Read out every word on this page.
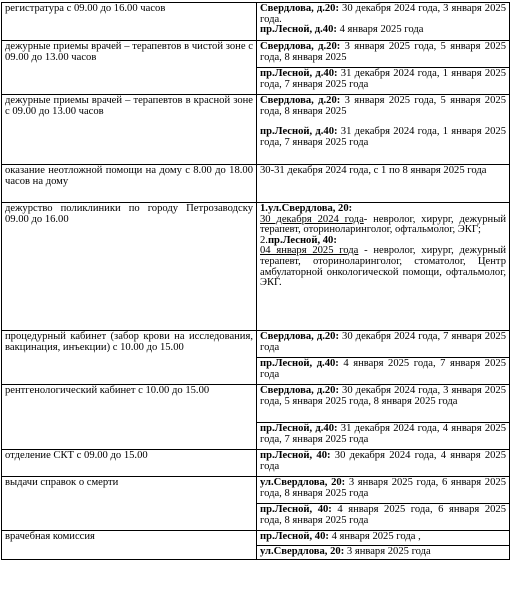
регистратура с 09.00 до 16.00 часов	Свердлова, д.20: 30 декабря 2024 года, 3 января 2025 года.
пр.Лесной, д.40: 4 января 2025 года
дежурные приемы врачей – терапевтов в чистой зоне с 09.00 до 13.00 часов	Свердлова, д.20: 3 января 2025 года, 5 января 2025 года, 8 января 2025
	пр.Лесной, д.40: 31 декабря 2024 года, 1 января 2025 года, 7 января 2025 года
дежурные приемы врачей – терапевтов в красной зоне с 09.00 до 13.00 часов	Свердлова, д.20: 3 января 2025 года, 5 января 2025 года, 8 января 2025
пр.Лесной, д.40: 31 декабря 2024 года, 1 января 2025 года, 7 января 2025 года
оказание неотложной помощи на дому с 8.00 до 18.00 часов на дому	30-31 декабря 2024 года, с 1 по 8 января 2025 года
дежурство поликлиники по городу Петрозаводску 09.00 до 16.00	1.ул.Свердлова, 20:
30 декабря 2024 года- невролог, хирург, дежурный терапевт, оториноларинголог, офтальмолог, ЭКГ;
2.пр.Лесной, 40:
04 января 2025 года - невролог, хирург, дежурный терапевт, оториноларинголог, стоматолог, Центр амбулаторной онкологической помощи, офтальмолог, ЭКГ.
процедурный кабинет (забор крови на исследования, вакцинация, инъекции) с 10.00 до 15.00	Свердлова, д.20: 30 декабря 2024 года, 7 января 2025 года
	пр.Лесной, д.40: 4 января 2025 года, 7 января 2025 года
рентгенологический кабинет с 10.00 до 15.00	Свердлова, д.20: 30 декабря 2024 года, 3 января 2025 года, 5 января 2025 года, 8 января 2025 года
	пр.Лесной, д.40: 31 декабря 2024 года, 4 января 2025 года, 7 января 2025 года
отделение СКТ с 09.00 до 15.00	пр.Лесной, 40: 30 декабря 2024 года, 4 января 2025 года
выдачи справок о смерти	ул.Свердлова, 20: 3 января 2025 года, 6 января 2025 года, 8 января 2025 года
	пр.Лесной, 40: 4 января 2025 года, 6 января 2025 года, 8 января 2025 года
врачебная комиссия	пр.Лесной, 40: 4 января 2025 года ,
	ул.Свердлова, 20: 3 января 2025 года
